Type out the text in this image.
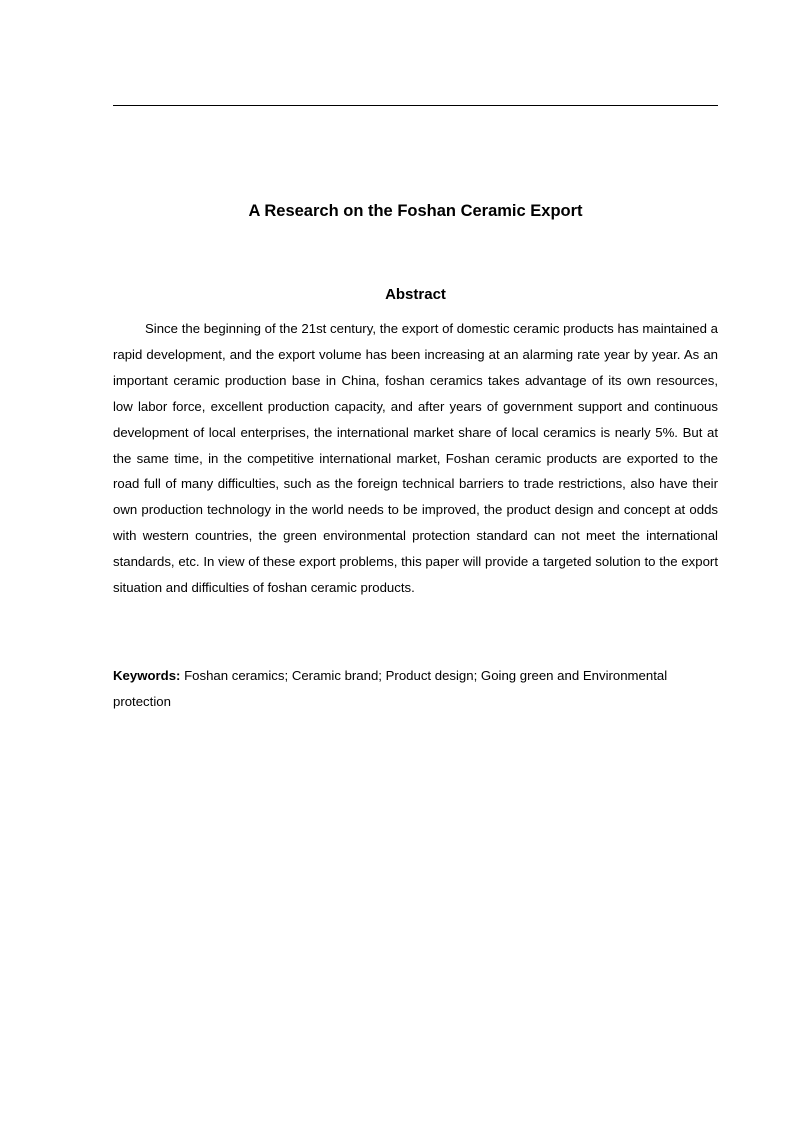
A Research on the Foshan Ceramic Export
Abstract

Since the beginning of the 21st century, the export of domestic ceramic products has maintained a rapid development, and the export volume has been increasing at an alarming rate year by year. As an important ceramic production base in China, foshan ceramics takes advantage of its own resources, low labor force, excellent production capacity, and after years of government support and continuous development of local enterprises, the international market share of local ceramics is nearly 5%. But at the same time, in the competitive international market, Foshan ceramic products are exported to the road full of many difficulties, such as the foreign technical barriers to trade restrictions, also have their own production technology in the world needs to be improved, the product design and concept at odds with western countries, the green environmental protection standard can not meet the international standards, etc. In view of these export problems, this paper will provide a targeted solution to the export situation and difficulties of foshan ceramic products.

Keywords: Foshan ceramics; Ceramic brand; Product design; Going green and Environmental protection
